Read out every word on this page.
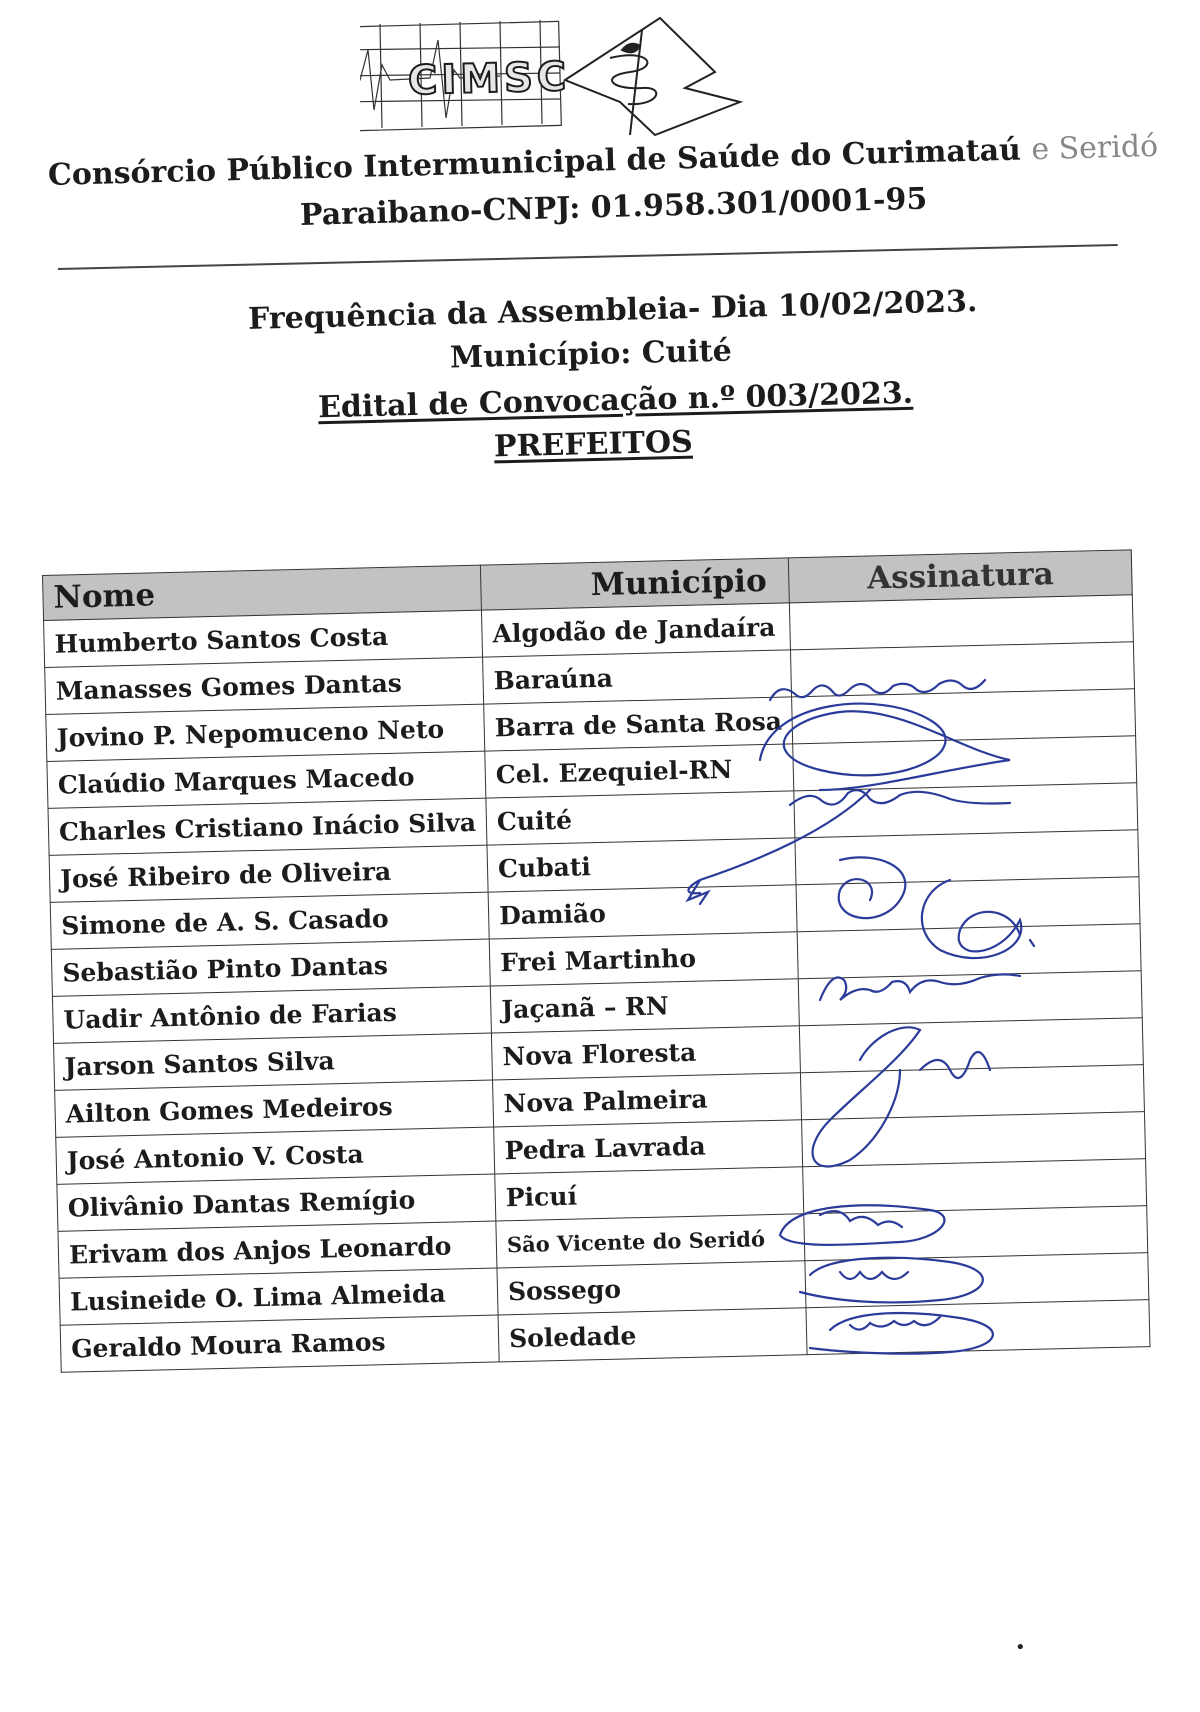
CIMSC
Consórcio Público Intermunicipal de Saúde do Curimataú e Seridó
Paraibano-CNPJ: 01.958.301/0001-95
Frequência da Assembleia- Dia 10/02/2023.
Município: Cuité
Edital de Convocação n.º 003/2023.
PREFEITOS
Nome	Município	Assinatura
Humberto Santos Costa	Algodão de Jandaíra	
Manasses Gomes Dantas	Baraúna	
Jovino P. Nepomuceno Neto	Barra de Santa Rosa	
Claúdio Marques Macedo	Cel. Ezequiel-RN	
Charles Cristiano Inácio Silva	Cuité	
José Ribeiro de Oliveira	Cubati	
Simone de A. S. Casado	Damião	
Sebastião Pinto Dantas	Frei Martinho	
Uadir Antônio de Farias	Jaçanã – RN	
Jarson Santos Silva	Nova Floresta	
Ailton Gomes Medeiros	Nova Palmeira	
José Antonio V. Costa	Pedra Lavrada	
Olivânio Dantas Remígio	Picuí	
Erivam dos Anjos Leonardo	São Vicente do Seridó	
Lusineide O. Lima Almeida	Sossego	
Geraldo Moura Ramos	Soledade	
•
